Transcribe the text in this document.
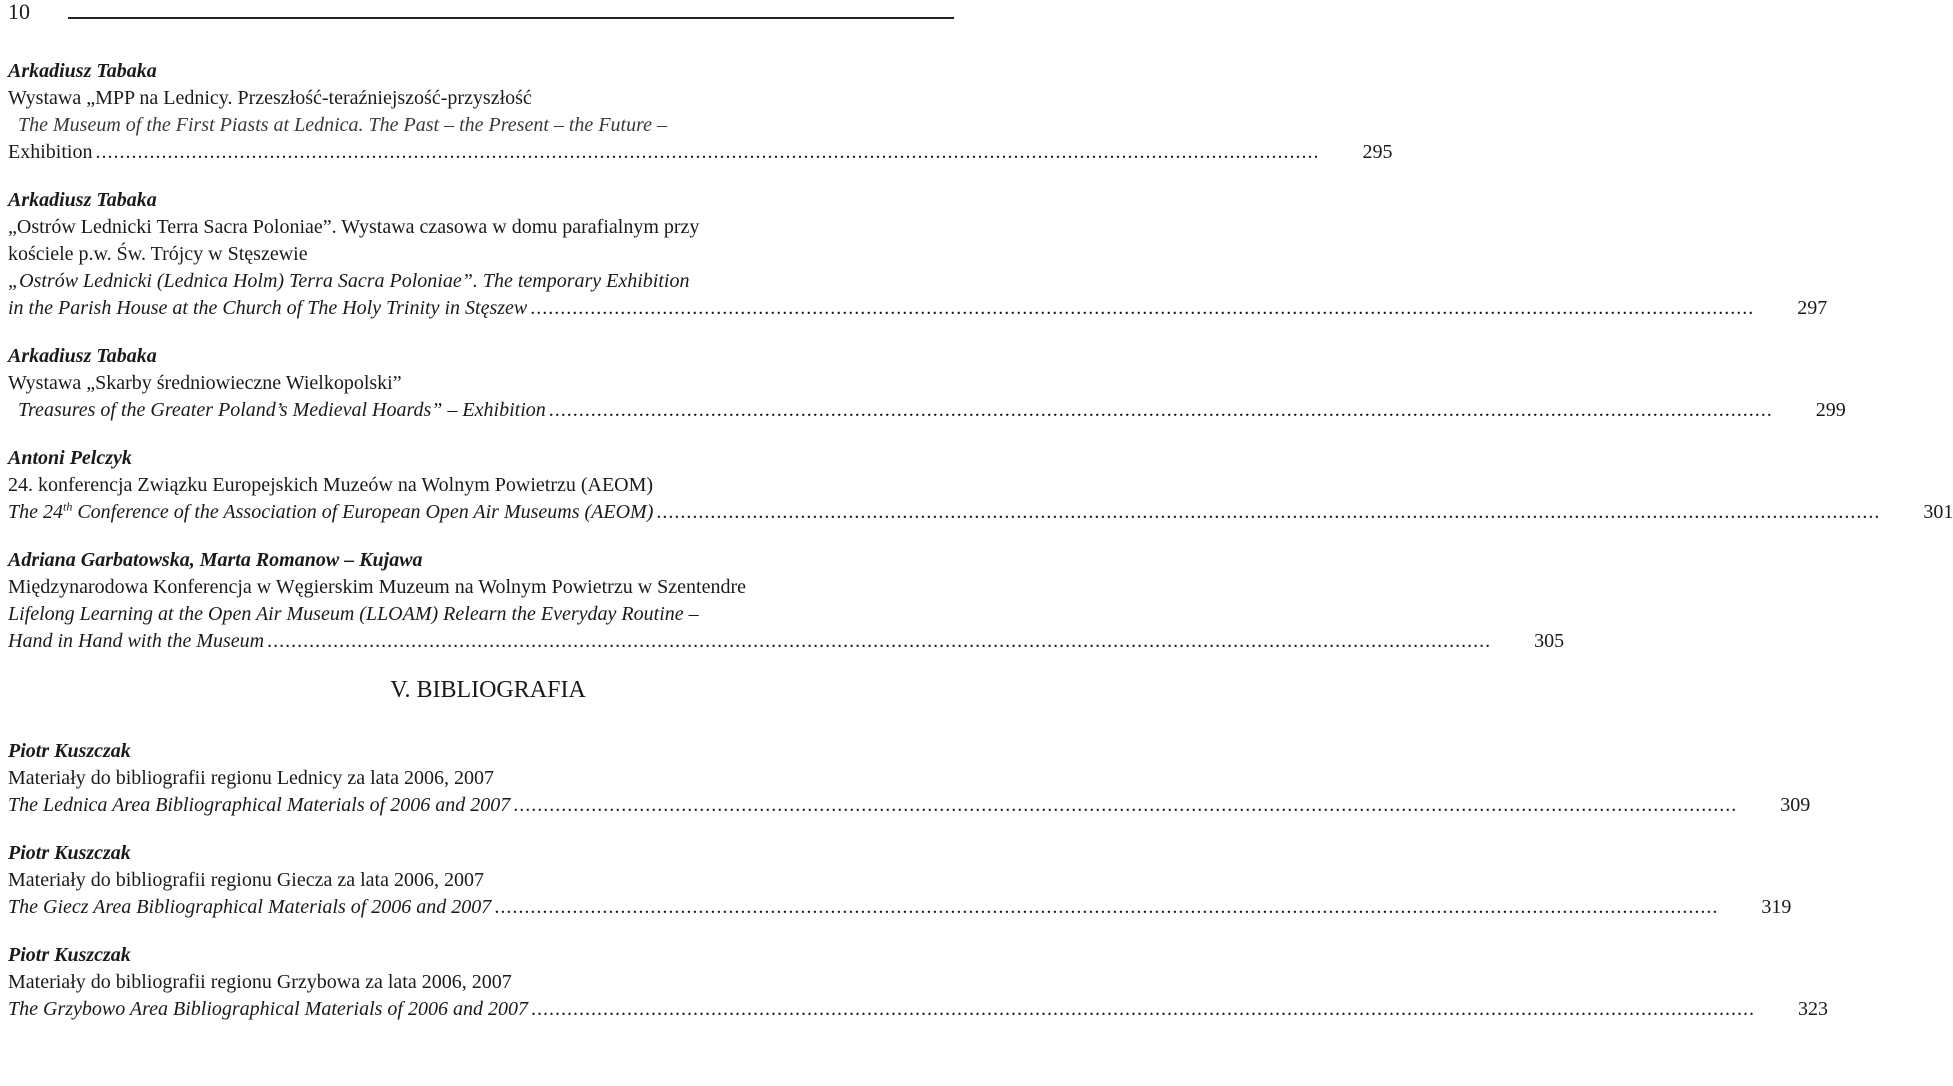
10
Arkadiusz Tabaka
Wystawa „MPP na Lednicy. Przeszłość-teraźniejszość-przyszłość
The Museum of the First Piasts at Lednica. The Past – the Present – the Future –
Exhibition ............................................................................................................................................................................................................	295
Arkadiusz Tabaka
„Ostrów Lednicki Terra Sacra Poloniae”. Wystawa czasowa w domu parafialnym przy
kościele p.w. Św. Trójcy w Stęszewie
„Ostrów Lednicki (Lednica Holm) Terra Sacra Poloniae”. The temporary Exhibition
in the Parish House at the Church of The Holy Trinity in Stęszew ............................................................................................................................................................................................................	297
Arkadiusz Tabaka
Wystawa „Skarby średniowieczne Wielkopolski”
Treasures of the Greater Poland’s Medieval Hoards” – Exhibition ............................................................................................................................................................................................................	299
Antoni Pelczyk
24. konferencja Związku Europejskich Muzeów na Wolnym Powietrzu (AEOM)
The 24th Conference of the Association of European Open Air Museums (AEOM) ............................................................................................................................................................................................................	301
Adriana Garbatowska, Marta Romanow – Kujawa
Międzynarodowa Konferencja w Węgierskim Muzeum na Wolnym Powietrzu w Szentendre
Lifelong Learning at the Open Air Museum (LLOAM) Relearn the Everyday Routine –
Hand in Hand with the Museum ............................................................................................................................................................................................................	305
V. BIBLIOGRAFIA
Piotr Kuszczak
Materiały do bibliografii regionu Lednicy za lata 2006, 2007
The Lednica Area Bibliographical Materials of 2006 and 2007 ............................................................................................................................................................................................................	309
Piotr Kuszczak
Materiały do bibliografii regionu Giecza za lata 2006, 2007
The Giecz Area Bibliographical Materials of 2006 and 2007 ............................................................................................................................................................................................................	319
Piotr Kuszczak
Materiały do bibliografii regionu Grzybowa za lata 2006, 2007
The Grzybowo Area Bibliographical Materials of 2006 and 2007 ............................................................................................................................................................................................................	323
